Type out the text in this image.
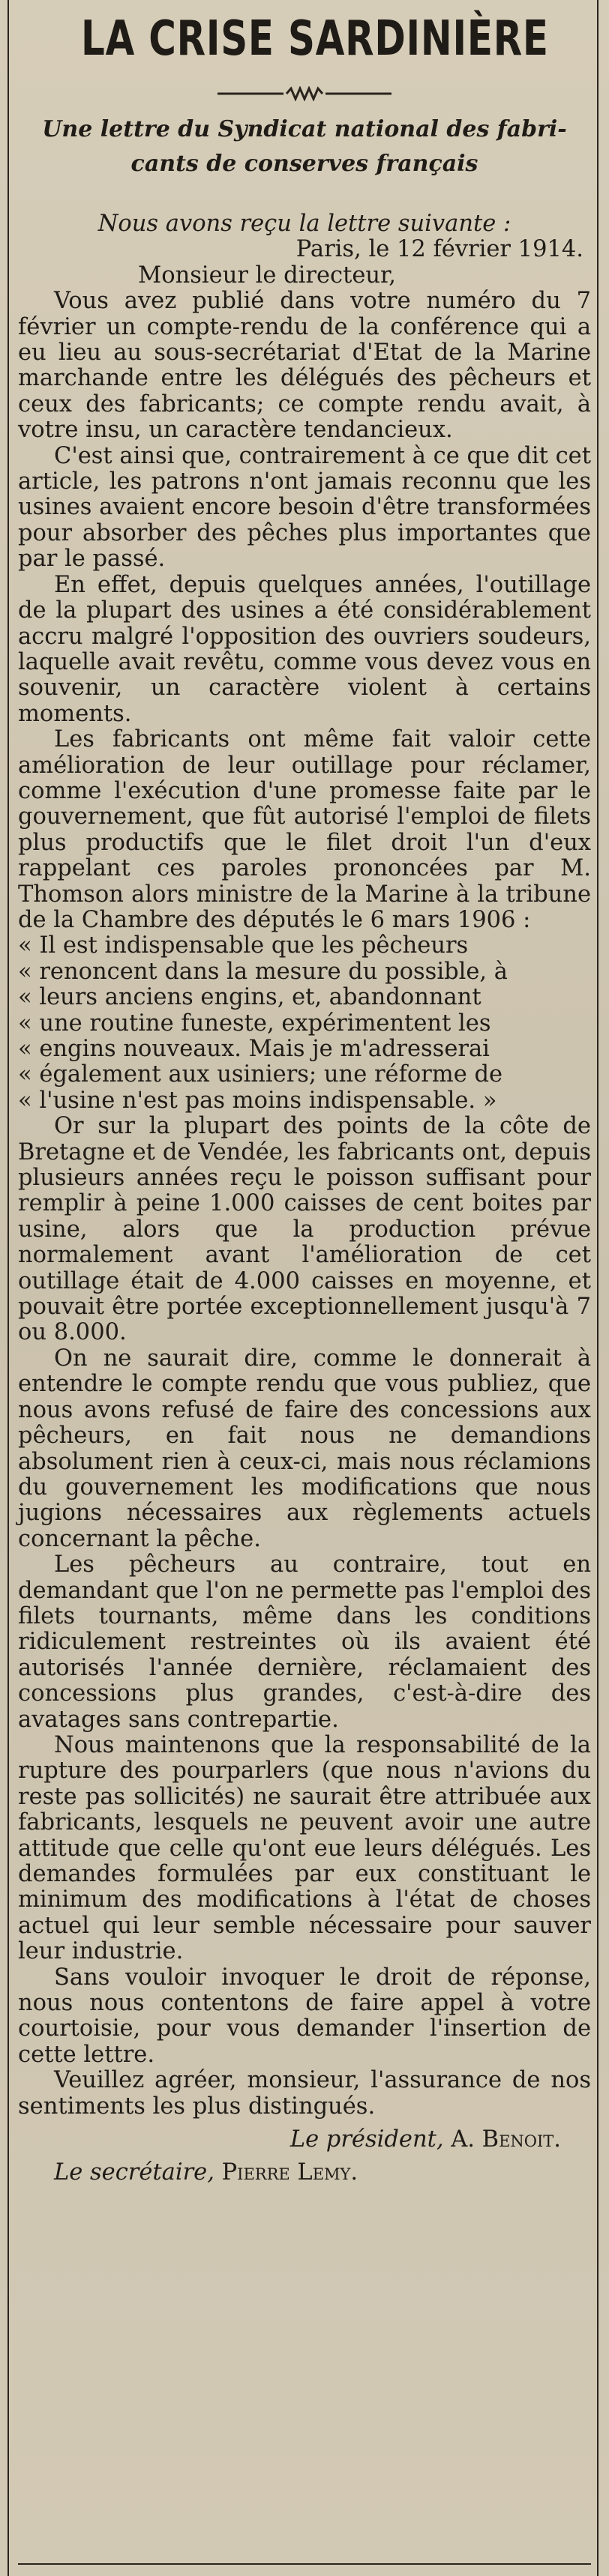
LA CRISE SARDINIÈRE
Une lettre du Syndicat national des fabri-
cants de conserves français

Nous avons reçu la lettre suivante :

Paris, le 12 février 1914.

Monsieur le directeur,

Vous avez publié dans votre numéro du 7 février un compte-rendu de la conférence qui a eu lieu au sous-secrétariat d'Etat de la Marine marchande entre les délégués des pêcheurs et ceux des fabricants; ce compte rendu avait, à votre insu, un caractère tendancieux.

C'est ainsi que, contrairement à ce que dit cet article, les patrons n'ont jamais reconnu que les usines avaient encore besoin d'être transformées pour absorber des pêches plus importantes que par le passé.

En effet, depuis quelques années, l'outillage de la plupart des usines a été considérablement accru malgré l'opposition des ouvriers soudeurs, laquelle avait revêtu, comme vous devez vous en souvenir, un caractère violent à certains moments.

Les fabricants ont même fait valoir cette amélioration de leur outillage pour réclamer, comme l'exécution d'une promesse faite par le gouvernement, que fût autorisé l'emploi de filets plus productifs que le filet droit l'un d'eux rappelant ces paroles prononcées par M. Thomson alors ministre de la Marine à la tribune de la Chambre des députés le 6 mars 1906 :

« Il est indispensable que les pêcheurs

« renoncent dans la mesure du possible, à

« leurs anciens engins, et, abandonnant

« une routine funeste, expérimentent les

« engins nouveaux. Mais je m'adresserai

« également aux usiniers; une réforme de

« l'usine n'est pas moins indispensable. »

Or sur la plupart des points de la côte de Bretagne et de Vendée, les fabricants ont, depuis plusieurs années reçu le poisson suffisant pour remplir à peine 1.000 caisses de cent boites par usine, alors que la production prévue normalement avant l'amélioration de cet outillage était de 4.000 caisses en moyenne, et pouvait être portée exceptionnellement jusqu'à 7 ou 8.000.

On ne saurait dire, comme le donnerait à entendre le compte rendu que vous publiez, que nous avons refusé de faire des concessions aux pêcheurs, en fait nous ne demandions absolument rien à ceux-ci, mais nous réclamions du gouvernement les modifications que nous jugions nécessaires aux règlements actuels concernant la pêche.

Les pêcheurs au contraire, tout en demandant que l'on ne permette pas l'emploi des filets tournants, même dans les conditions ridiculement restreintes où ils avaient été autorisés l'année dernière, réclamaient des concessions plus grandes, c'est-à-dire des avatages sans contrepartie.

Nous maintenons que la responsabilité de la rupture des pourparlers (que nous n'avions du reste pas sollicités) ne saurait être attribuée aux fabricants, lesquels ne peuvent avoir une autre attitude que celle qu'ont eue leurs délégués. Les demandes formulées par eux constituant le minimum des modifications à l'état de choses actuel qui leur semble nécessaire pour sauver leur industrie.

Sans vouloir invoquer le droit de réponse, nous nous contentons de faire appel à votre courtoisie, pour vous demander l'insertion de cette lettre.

Veuillez agréer, monsieur, l'assurance de nos sentiments les plus distingués.

Le président, A. Benoit.

Le secrétaire, Pierre Lemy.
